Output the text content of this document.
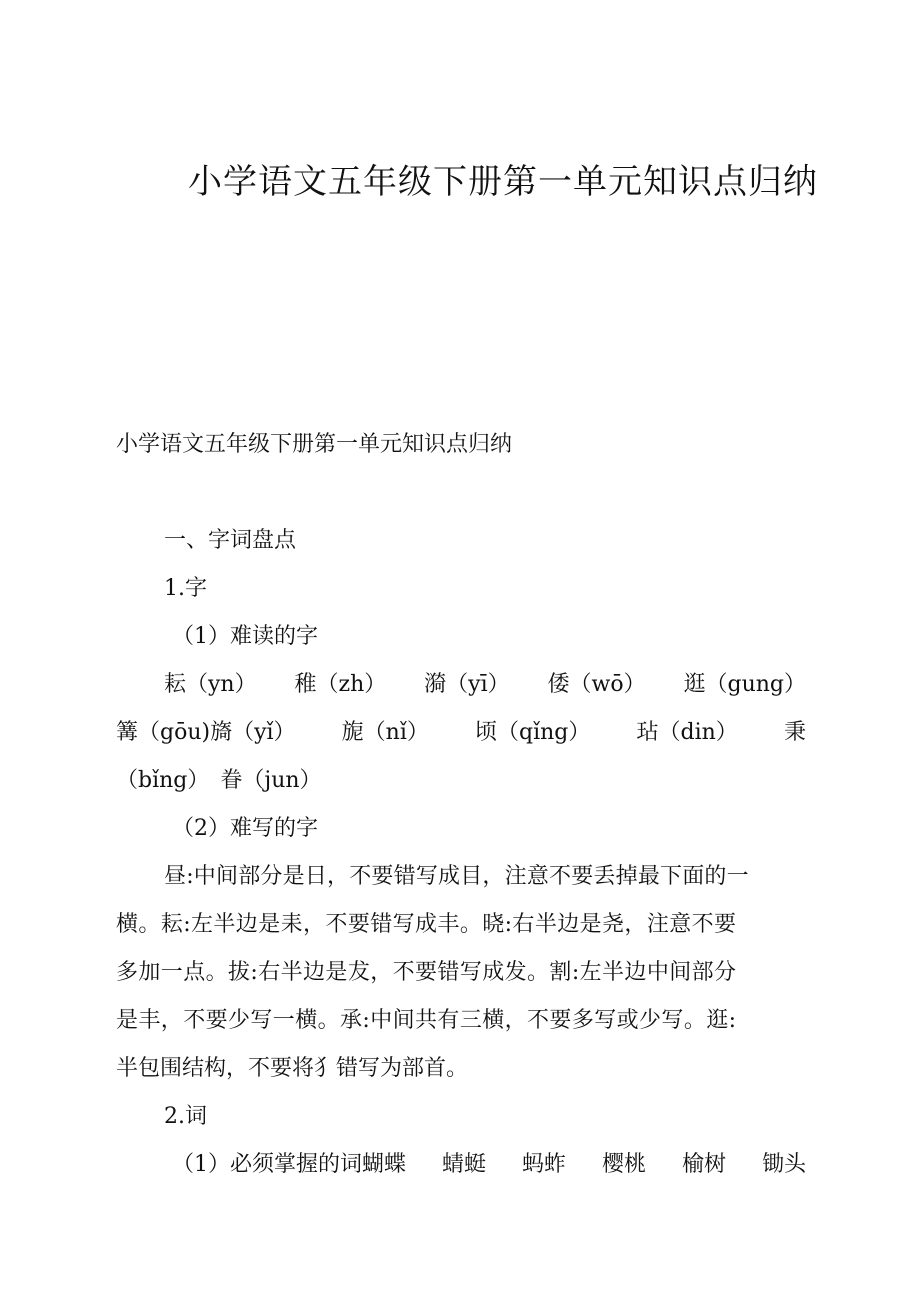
小学语文五年级下册第一单元知识点归纳
小学语文五年级下册第一单元知识点归纳
一、字词盘点
1.字
（1）难读的字
耘（yn） 稚（zh） 漪（yī） 倭（wō） 逛（gung）
篝（gōu)旖（yǐ） 旎（nǐ） 顷（qǐng） 玷（din） 秉
（bǐng）　眷（jun）
（2）难写的字
昼:中间部分是日，不要错写成目，注意不要丢掉最下面的一
横。耘:左半边是耒，不要错写成丰。晓:右半边是尧，注意不要
多加一点。拔:右半边是犮，不要错写成发。割:左半边中间部分
是丰，不要少写一横。承:中间共有三横，不要多写或少写。逛:
半包围结构，不要将犭错写为部首。
2.词
（1）必须掌握的词蝴蝶 蜻蜓 蚂蚱 樱桃 榆树 锄头
